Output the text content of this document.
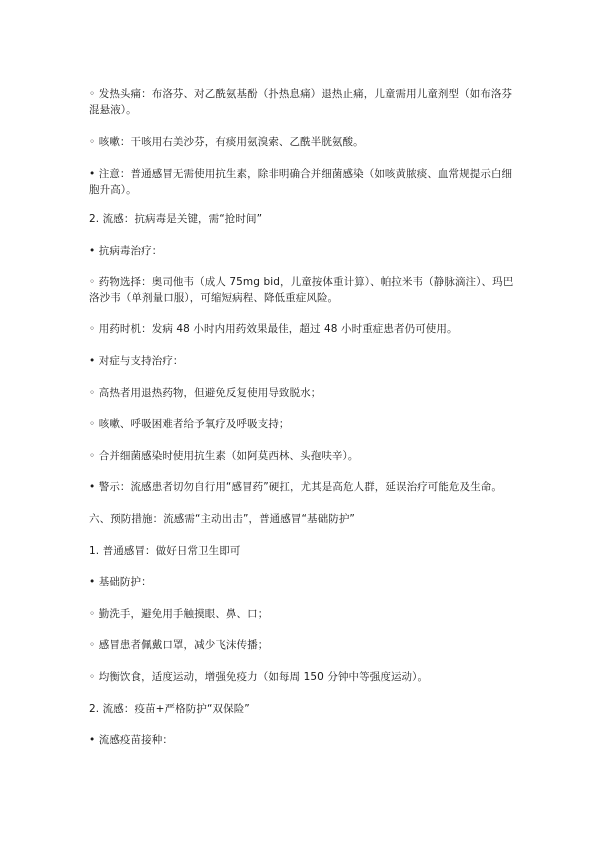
◦ 发热头痛：布洛芬、对乙酰氨基酚（扑热息痛）退热止痛，儿童需用儿童剂型（如布洛芬混悬液）。
◦ 咳嗽：干咳用右美沙芬，有痰用氨溴索、乙酰半胱氨酸。
• 注意：普通感冒无需使用抗生素，除非明确合并细菌感染（如咳黄脓痰、血常规提示白细胞升高）。
2. 流感：抗病毒是关键，需“抢时间”
• 抗病毒治疗：
◦ 药物选择：奥司他韦（成人 75mg bid，儿童按体重计算）、帕拉米韦（静脉滴注）、玛巴洛沙韦（单剂量口服），可缩短病程、降低重症风险。
◦ 用药时机：发病 48 小时内用药效果最佳，超过 48 小时重症患者仍可使用。
• 对症与支持治疗：
◦ 高热者用退热药物，但避免反复使用导致脱水；
◦ 咳嗽、呼吸困难者给予氧疗及呼吸支持；
◦ 合并细菌感染时使用抗生素（如阿莫西林、头孢呋辛）。
• 警示：流感患者切勿自行用“感冒药”硬扛，尤其是高危人群，延误治疗可能危及生命。
六、预防措施：流感需“主动出击”，普通感冒“基础防护”
1. 普通感冒：做好日常卫生即可
• 基础防护：
◦ 勤洗手，避免用手触摸眼、鼻、口；
◦ 感冒患者佩戴口罩，减少飞沫传播；
◦ 均衡饮食，适度运动，增强免疫力（如每周 150 分钟中等强度运动）。
2. 流感：疫苗+严格防护“双保险”
• 流感疫苗接种：
